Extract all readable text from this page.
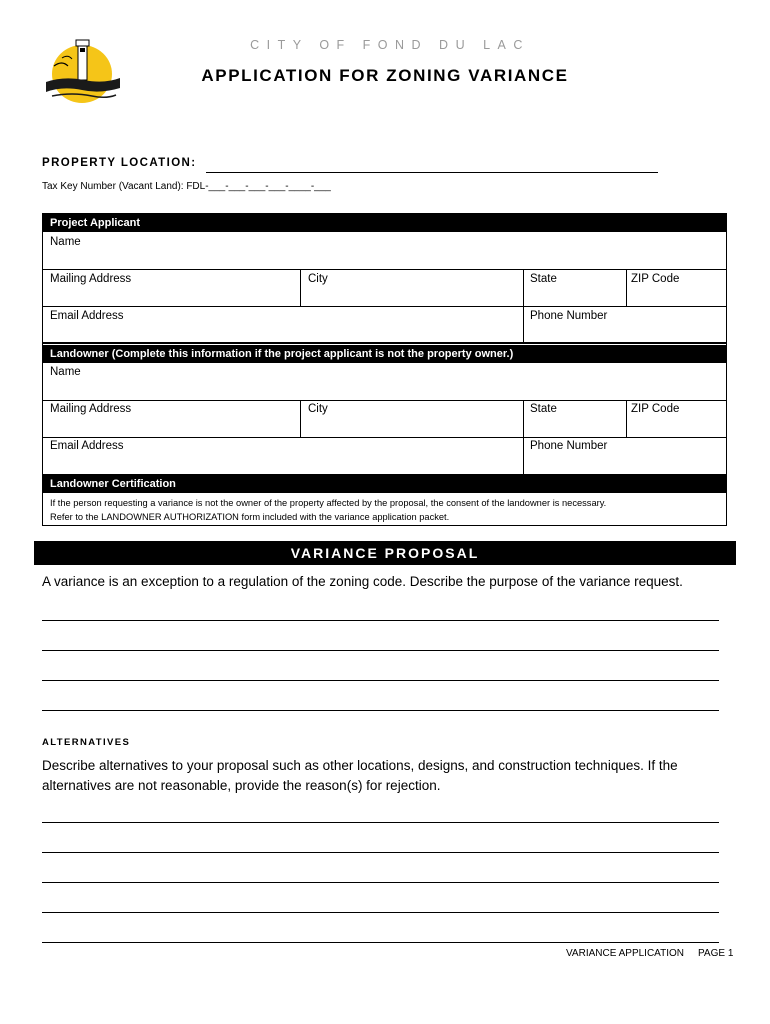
CITY OF FOND DU LAC
APPLICATION FOR ZONING VARIANCE
PROPERTY LOCATION:
Tax Key Number (Vacant Land): FDL-___-___-___-___-____-___
Project Applicant
Name
Mailing Address	City	State	ZIP Code
Email Address	Phone Number
Landowner (Complete this information if the project applicant is not the property owner.)
Name
Mailing Address	City	State	ZIP Code
Email Address	Phone Number
Landowner Certification
If the person requesting a variance is not the owner of the property affected by the proposal, the consent of the landowner is necessary.
Refer to the LANDOWNER AUTHORIZATION form included with the variance application packet.
VARIANCE PROPOSAL
A variance is an exception to a regulation of the zoning code. Describe the purpose of the variance request.
ALTERNATIVES
Describe alternatives to your proposal such as other locations, designs, and construction techniques. If the alternatives are not reasonable, provide the reason(s) for rejection.
VARIANCE APPLICATION PAGE 1
